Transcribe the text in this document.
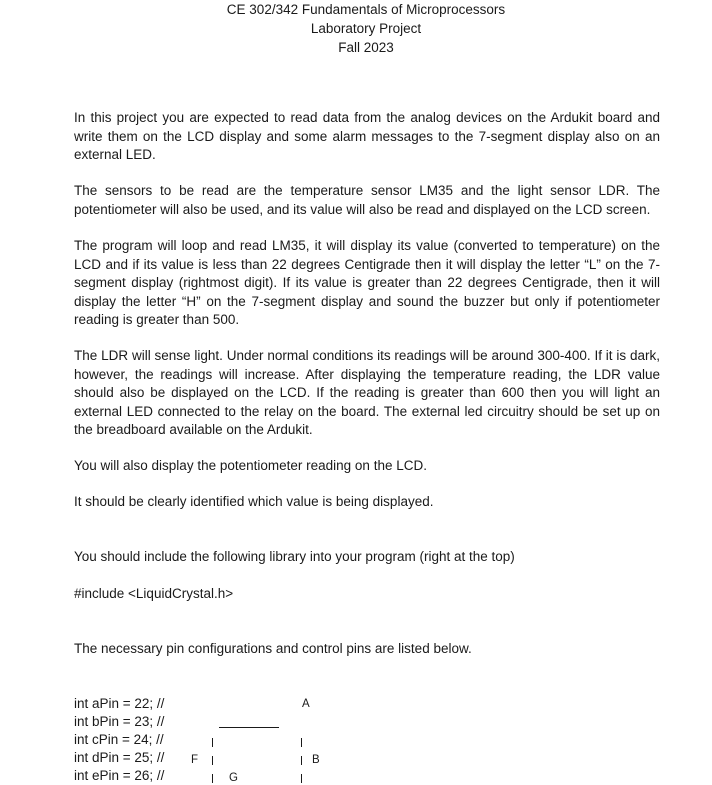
CE 302/342 Fundamentals of Microprocessors
Laboratory Project
Fall 2023
In this project you are expected to read data from the analog devices on the Ardukit board and write them on the LCD display and some alarm messages to the 7-segment display also on an external LED.
The sensors to be read are the temperature sensor LM35 and the light sensor LDR. The potentiometer will also be used, and its value will also be read and displayed on the LCD screen.
The program will loop and read LM35, it will display its value (converted to temperature) on the LCD and if its value is less than 22 degrees Centigrade then it will display the letter “L” on the 7-segment display (rightmost digit). If its value is greater than 22 degrees Centigrade, then it will display the letter “H” on the 7-segment display and sound the buzzer but only if potentiometer reading is greater than 500.
The LDR will sense light. Under normal conditions its readings will be around 300-400. If it is dark, however, the readings will increase. After displaying the temperature reading, the LDR value should also be displayed on the LCD. If the reading is greater than 600 then you will light an external LED connected to the relay on the board. The external led circuitry should be set up on the breadboard available on the Ardukit.
You will also display the potentiometer reading on the LCD.
It should be clearly identified which value is being displayed.
You should include the following library into your program (right at the top)
#include <LiquidCrystal.h>
The necessary pin configurations and control pins are listed below.
int aPin = 22; //
int bPin = 23; //
int cPin = 24; //
int dPin = 25; //
int ePin = 26; //
A
F
G
B
